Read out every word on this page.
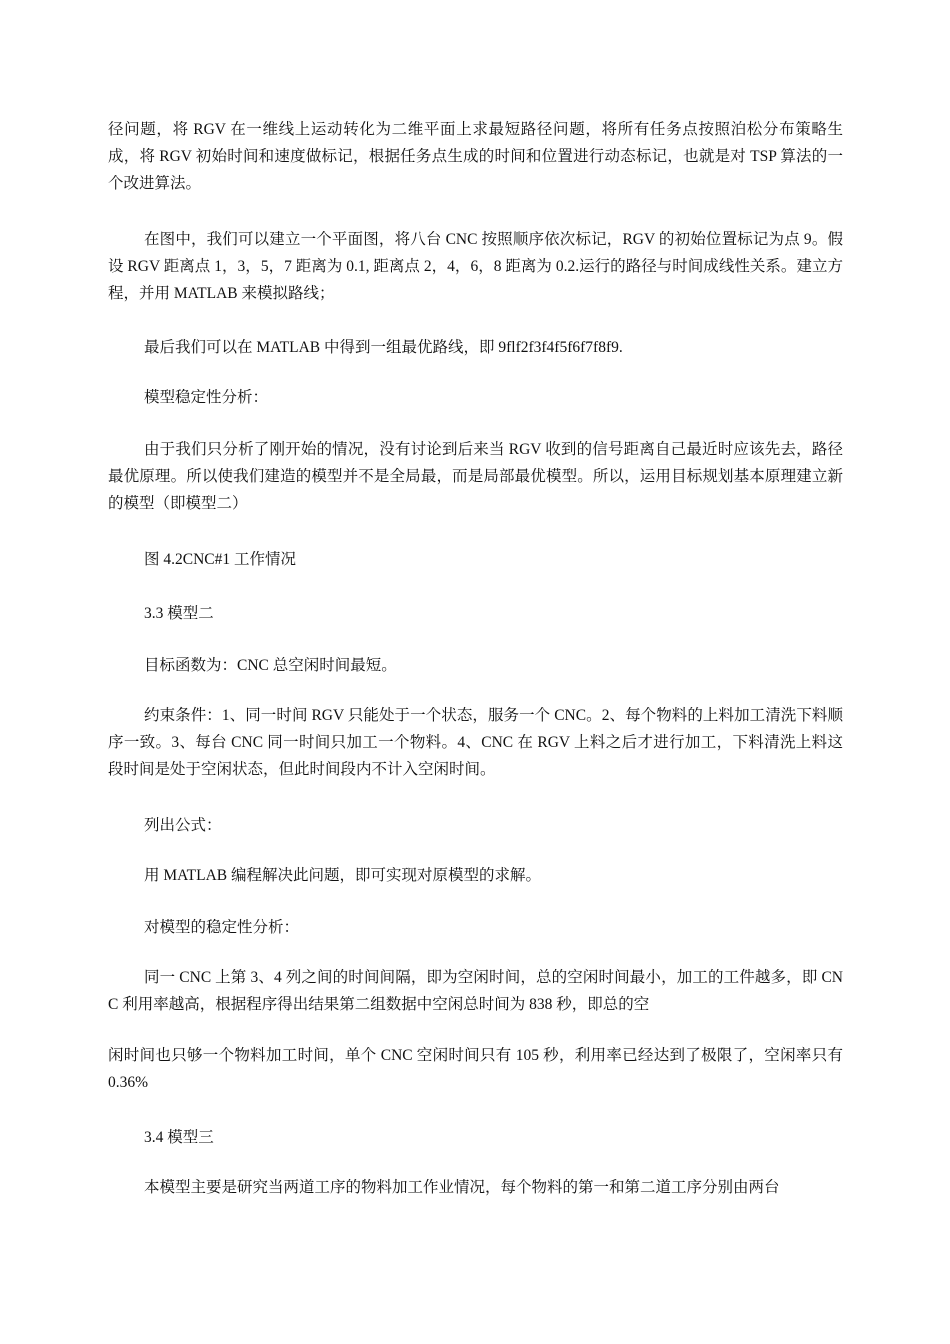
径问题，将 RGV 在一维线上运动转化为二维平面上求最短路径问题，将所有任务点按照泊松分布策略生成，将 RGV 初始时间和速度做标记，根据任务点生成的时间和位置进行动态标记，也就是对 TSP 算法的一个改进算法。

在图中，我们可以建立一个平面图，将八台 CNC 按照顺序依次标记，RGV 的初始位置标记为点 9。假设 RGV 距离点 1，3，5，7 距离为 0.1, 距离点 2，4，6，8 距离为 0.2.运行的路径与时间成线性关系。建立方程，并用 MATLAB 来模拟路线；

最后我们可以在 MATLAB 中得到一组最优路线，即 9flf2f3f4f5f6f7f8f9.

模型稳定性分析：

由于我们只分析了刚开始的情况，没有讨论到后来当 RGV 收到的信号距离自己最近时应该先去，路径最优原理。所以使我们建造的模型并不是全局最，而是局部最优模型。所以，运用目标规划基本原理建立新的模型（即模型二）

图 4.2CNC#1 工作情况

3.3 模型二

目标函数为：CNC 总空闲时间最短。

约束条件：1、同一时间 RGV 只能处于一个状态，服务一个 CNC。2、每个物料的上料加工清洗下料顺序一致。3、每台 CNC 同一时间只加工一个物料。4、CNC 在 RGV 上料之后才进行加工，下料清洗上料这段时间是处于空闲状态，但此时间段内不计入空闲时间。

列出公式：

用 MATLAB 编程解决此问题，即可实现对原模型的求解。

对模型的稳定性分析：

同一 CNC 上第 3、4 列之间的时间间隔，即为空闲时间，总的空闲时间最小，加工的工件越多，即 CNC 利用率越高，根据程序得出结果第二组数据中空闲总时间为 838 秒，即总的空

闲时间也只够一个物料加工时间，单个 CNC 空闲时间只有 105 秒，利用率已经达到了极限了，空闲率只有 0.36%

3.4 模型三

本模型主要是研究当两道工序的物料加工作业情况，每个物料的第一和第二道工序分别由两台
